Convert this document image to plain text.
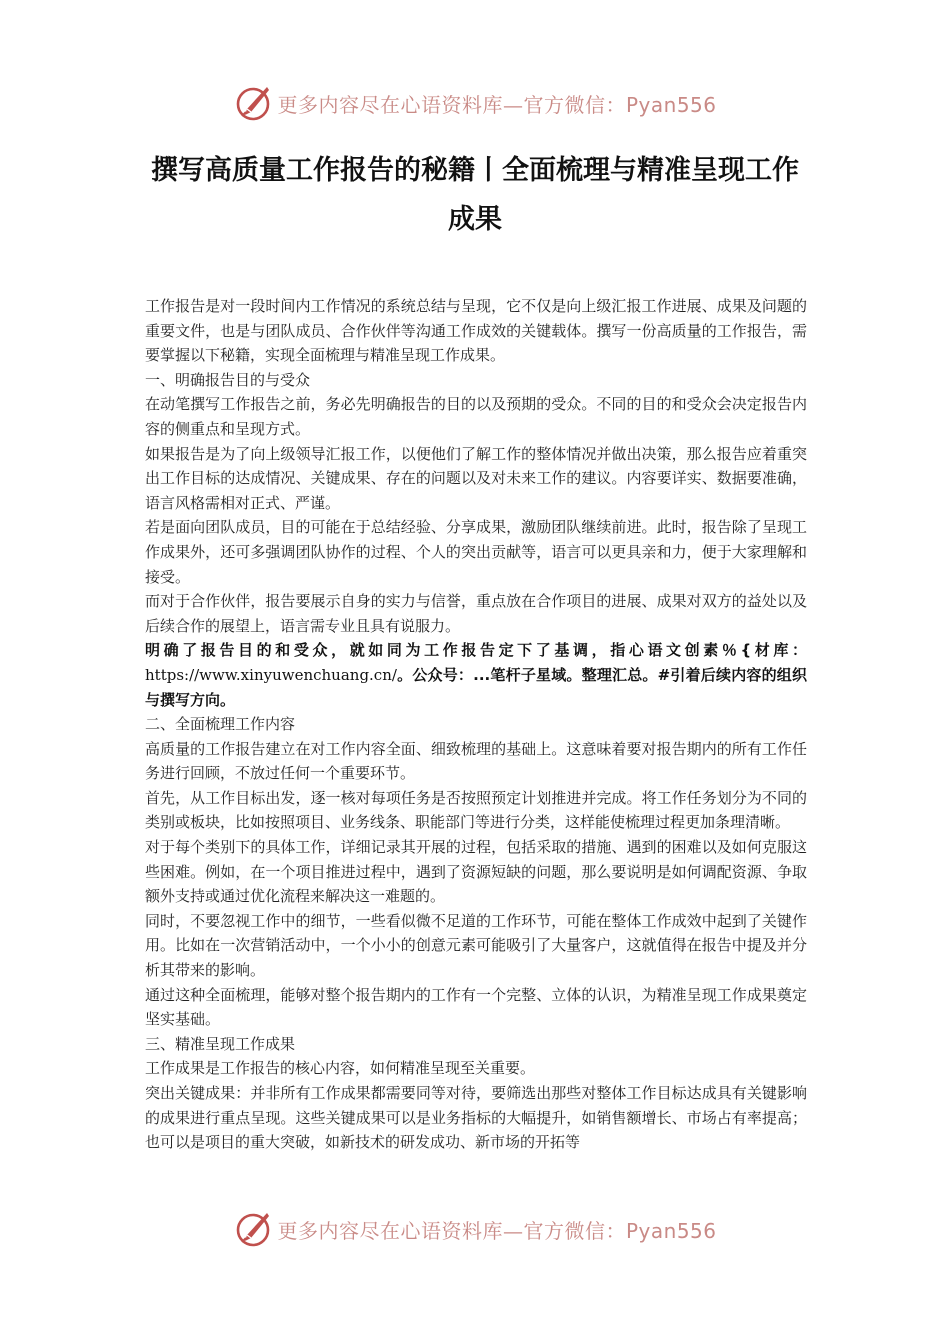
更多内容尽在心语资料库—官方微信：Pyan556
撰写高质量工作报告的秘籍丨全面梳理与精准呈现工作成果

工作报告是对一段时间内工作情况的系统总结与呈现，它不仅是向上级汇报工作进展、成果及问题的重要文件，也是与团队成员、合作伙伴等沟通工作成效的关键载体。撰写一份高质量的工作报告，需要掌握以下秘籍，实现全面梳理与精准呈现工作成果。

一、明确报告目的与受众

在动笔撰写工作报告之前，务必先明确报告的目的以及预期的受众。不同的目的和受众会决定报告内容的侧重点和呈现方式。

如果报告是为了向上级领导汇报工作，以便他们了解工作的整体情况并做出决策，那么报告应着重突出工作目标的达成情况、关键成果、存在的问题以及对未来工作的建议。内容要详实、数据要准确，语言风格需相对正式、严谨。

若是面向团队成员，目的可能在于总结经验、分享成果，激励团队继续前进。此时，报告除了呈现工作成果外，还可多强调团队协作的过程、个人的突出贡献等，语言可以更具亲和力，便于大家理解和接受。

而对于合作伙伴，报告要展示自身的实力与信誉，重点放在合作项目的进展、成果对双方的益处以及后续合作的展望上，语言需专业且具有说服力。

明确了报告目的和受众，就如同为工作报告定下了基调，指心语文创素％{材库：https://www.xinyuwenchuang.cn/。公众号：...笔杆子星域。整理汇总。#引着后续内容的组织与撰写方向。

二、全面梳理工作内容

高质量的工作报告建立在对工作内容全面、细致梳理的基础上。这意味着要对报告期内的所有工作任务进行回顾，不放过任何一个重要环节。

首先，从工作目标出发，逐一核对每项任务是否按照预定计划推进并完成。将工作任务划分为不同的类别或板块，比如按照项目、业务线条、职能部门等进行分类，这样能使梳理过程更加条理清晰。

对于每个类别下的具体工作，详细记录其开展的过程，包括采取的措施、遇到的困难以及如何克服这些困难。例如，在一个项目推进过程中，遇到了资源短缺的问题，那么要说明是如何调配资源、争取额外支持或通过优化流程来解决这一难题的。

同时，不要忽视工作中的细节，一些看似微不足道的工作环节，可能在整体工作成效中起到了关键作用。比如在一次营销活动中，一个小小的创意元素可能吸引了大量客户，这就值得在报告中提及并分析其带来的影响。

通过这种全面梳理，能够对整个报告期内的工作有一个完整、立体的认识，为精准呈现工作成果奠定坚实基础。

三、精准呈现工作成果

工作成果是工作报告的核心内容，如何精准呈现至关重要。

突出关键成果：并非所有工作成果都需要同等对待，要筛选出那些对整体工作目标达成具有关键影响的成果进行重点呈现。这些关键成果可以是业务指标的大幅提升，如销售额增长、市场占有率提高；也可以是项目的重大突破，如新技术的研发成功、新市场的开拓等

更多内容尽在心语资料库—官方微信：Pyan556
